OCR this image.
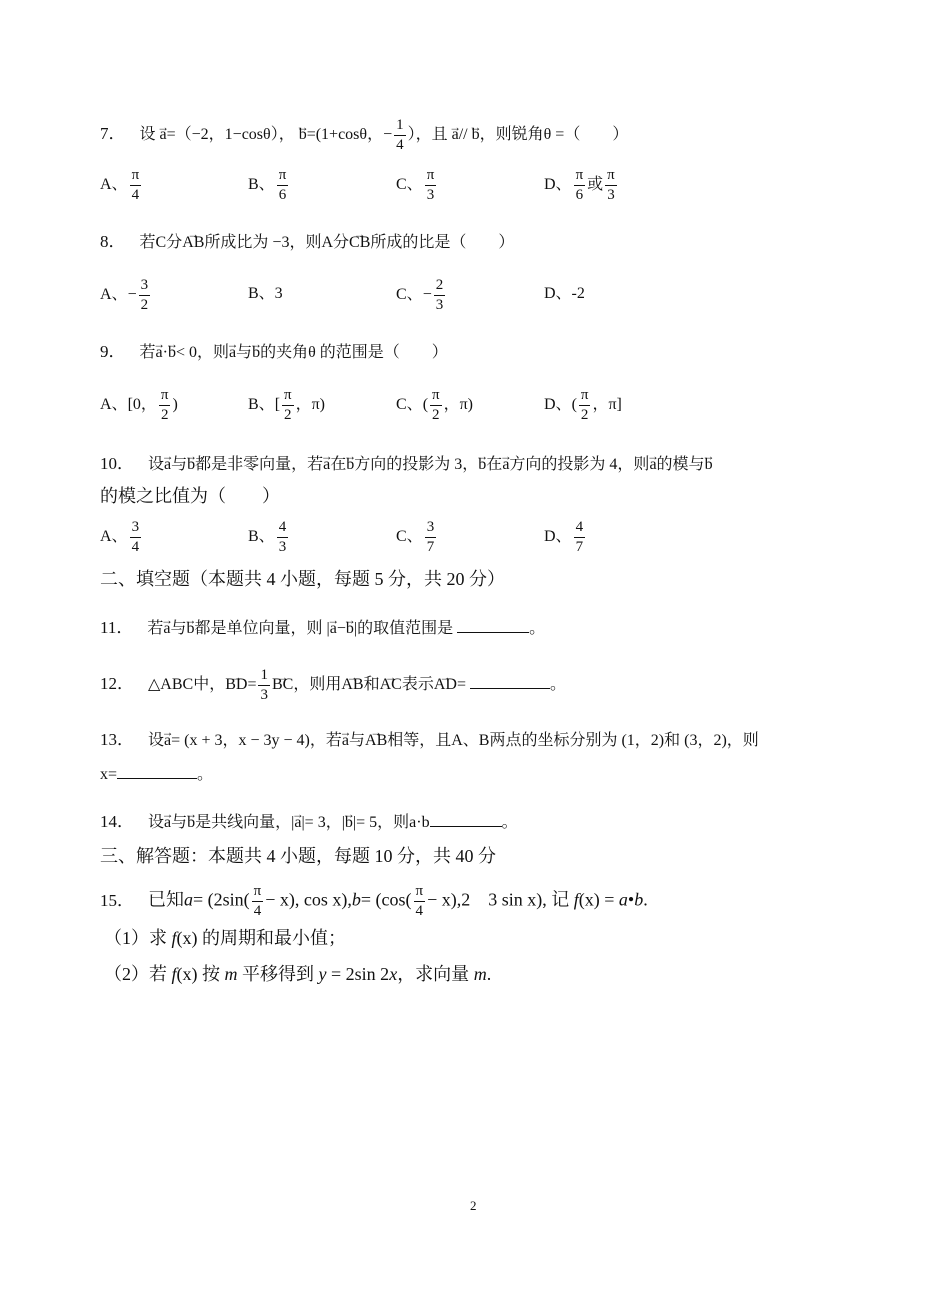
7． 设 → a=（−2，1−cosθ）， → b=(1+cosθ，− $\frac{1}{4}$ ），且 → a// → b，则锐角θ =（　　）
A、 $\frac{\pi}{4}$	B、 $\frac{\pi}{6}$	C、 $\frac{\pi}{3}$	D、 $\frac{\pi}{6}$ 或 $\frac{\pi}{3}$
8． 若C分→ AB所成比为 −3，则A分→ CB所成的比是（　　）
A、− $\frac{3}{2}$	B、3	C、− $\frac{2}{3}$	D、-2
9． 若→ a·→ b< 0，则→ a与→ b的夹角θ 的范围是（　　）
A、[0， $\frac{\pi}{2}$ )	B、[ $\frac{\pi}{2}$ ，π)	C、( $\frac{\pi}{2}$ ，π)	D、( $\frac{\pi}{2}$ ，π]
10． 设→ a与→ b都是非零向量，若→ a在→ b方向的投影为 3，→ b在→ a方向的投影为 4，则→ a的模与→ b
的模之比值为（　　）
A、 $\frac{3}{4}$	B、 $\frac{4}{3}$	C、 $\frac{3}{7}$	D、 $\frac{4}{7}$
二、填空题（本题共 4 小题，每题 5 分，共 20 分）
11． 若→ a与→ b都是单位向量，则 |→ a−→ b|的取值范围是	。
12． △ABC中，→ $BD= \frac{1}{3}$ → BC，则用→ AB和→ AC表示→ AD=	。
13． 设→ a= (x + 3，x − 3y − 4)，若→ a与→ AB相等，且A、B两点的坐标分别为 (1，2)和 (3，2)，则
x=	。
14． 设→ a与→ b是共线向量，|→ a|= 3，|→ b|= 5，则a·b	。
三、解答题：本题共 4 小题，每题 10 分，共 40 分
15． 已知$a= (2\sin( \frac{\pi}{4} - x)$, $\cos x),b= (\cos( \frac{\pi}{4} - x),2$　3 sin x), 记 f(x) = a•b.
（1）求 f(x) 的周期和最小值；
（2）若 f(x) 按 m 平移得到 y = 2sin 2x，求向量 m.
2
